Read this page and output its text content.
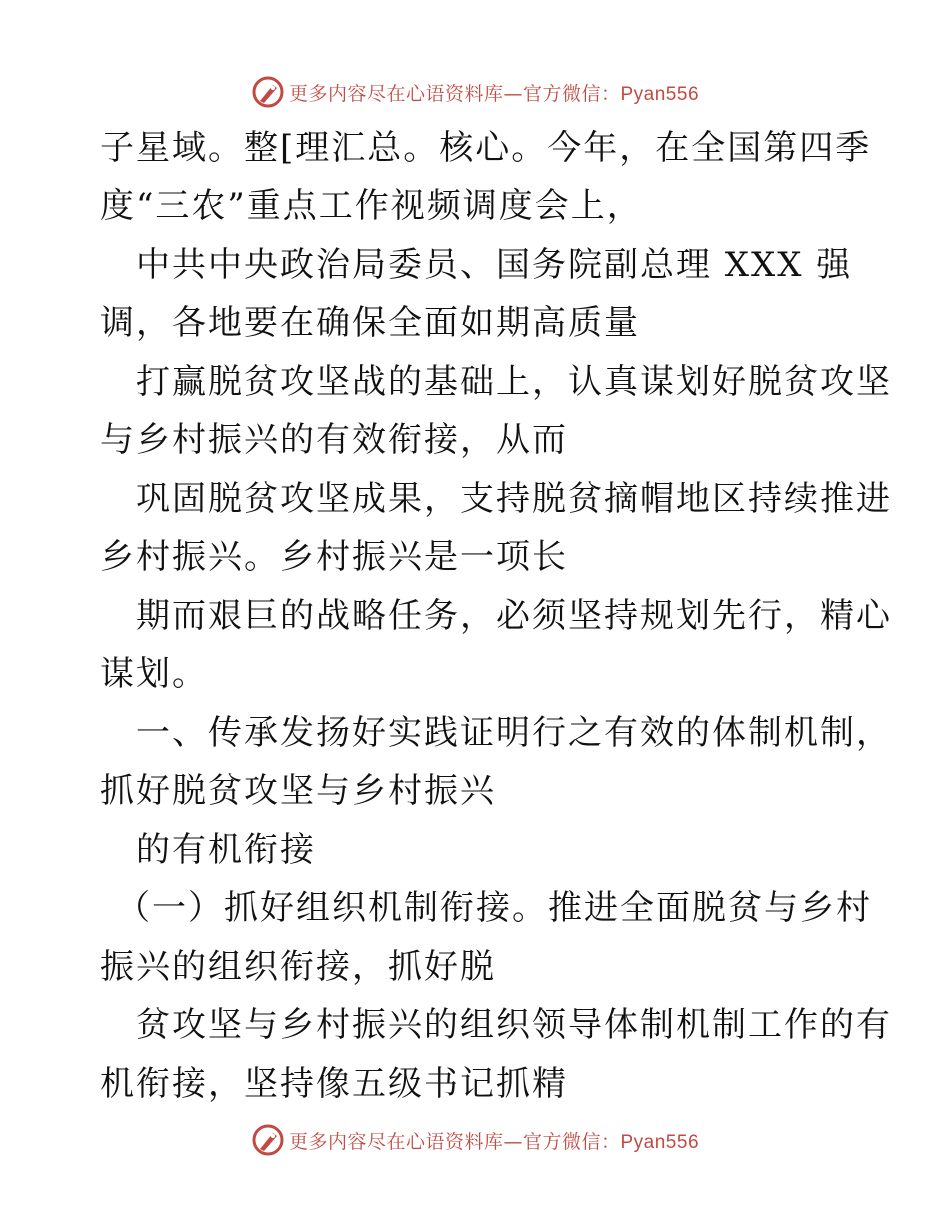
更多内容尽在心语资料库—官方微信：Pyan556
子星域。整[理汇总。核心。今年，在全国第四季
度“三农”重点工作视频调度会上，
中共中央政治局委员、国务院副总理 XXX 强
调，各地要在确保全面如期高质量
打赢脱贫攻坚战的基础上，认真谋划好脱贫攻坚
与乡村振兴的有效衔接，从而
巩固脱贫攻坚成果，支持脱贫摘帽地区持续推进
乡村振兴。乡村振兴是一项长
期而艰巨的战略任务，必须坚持规划先行，精心
谋划。
一、传承发扬好实践证明行之有效的体制机制，
抓好脱贫攻坚与乡村振兴
的有机衔接
（一）抓好组织机制衔接。推进全面脱贫与乡村
振兴的组织衔接，抓好脱
贫攻坚与乡村振兴的组织领导体制机制工作的有
机衔接，坚持像五级书记抓精
更多内容尽在心语资料库—官方微信：Pyan556
